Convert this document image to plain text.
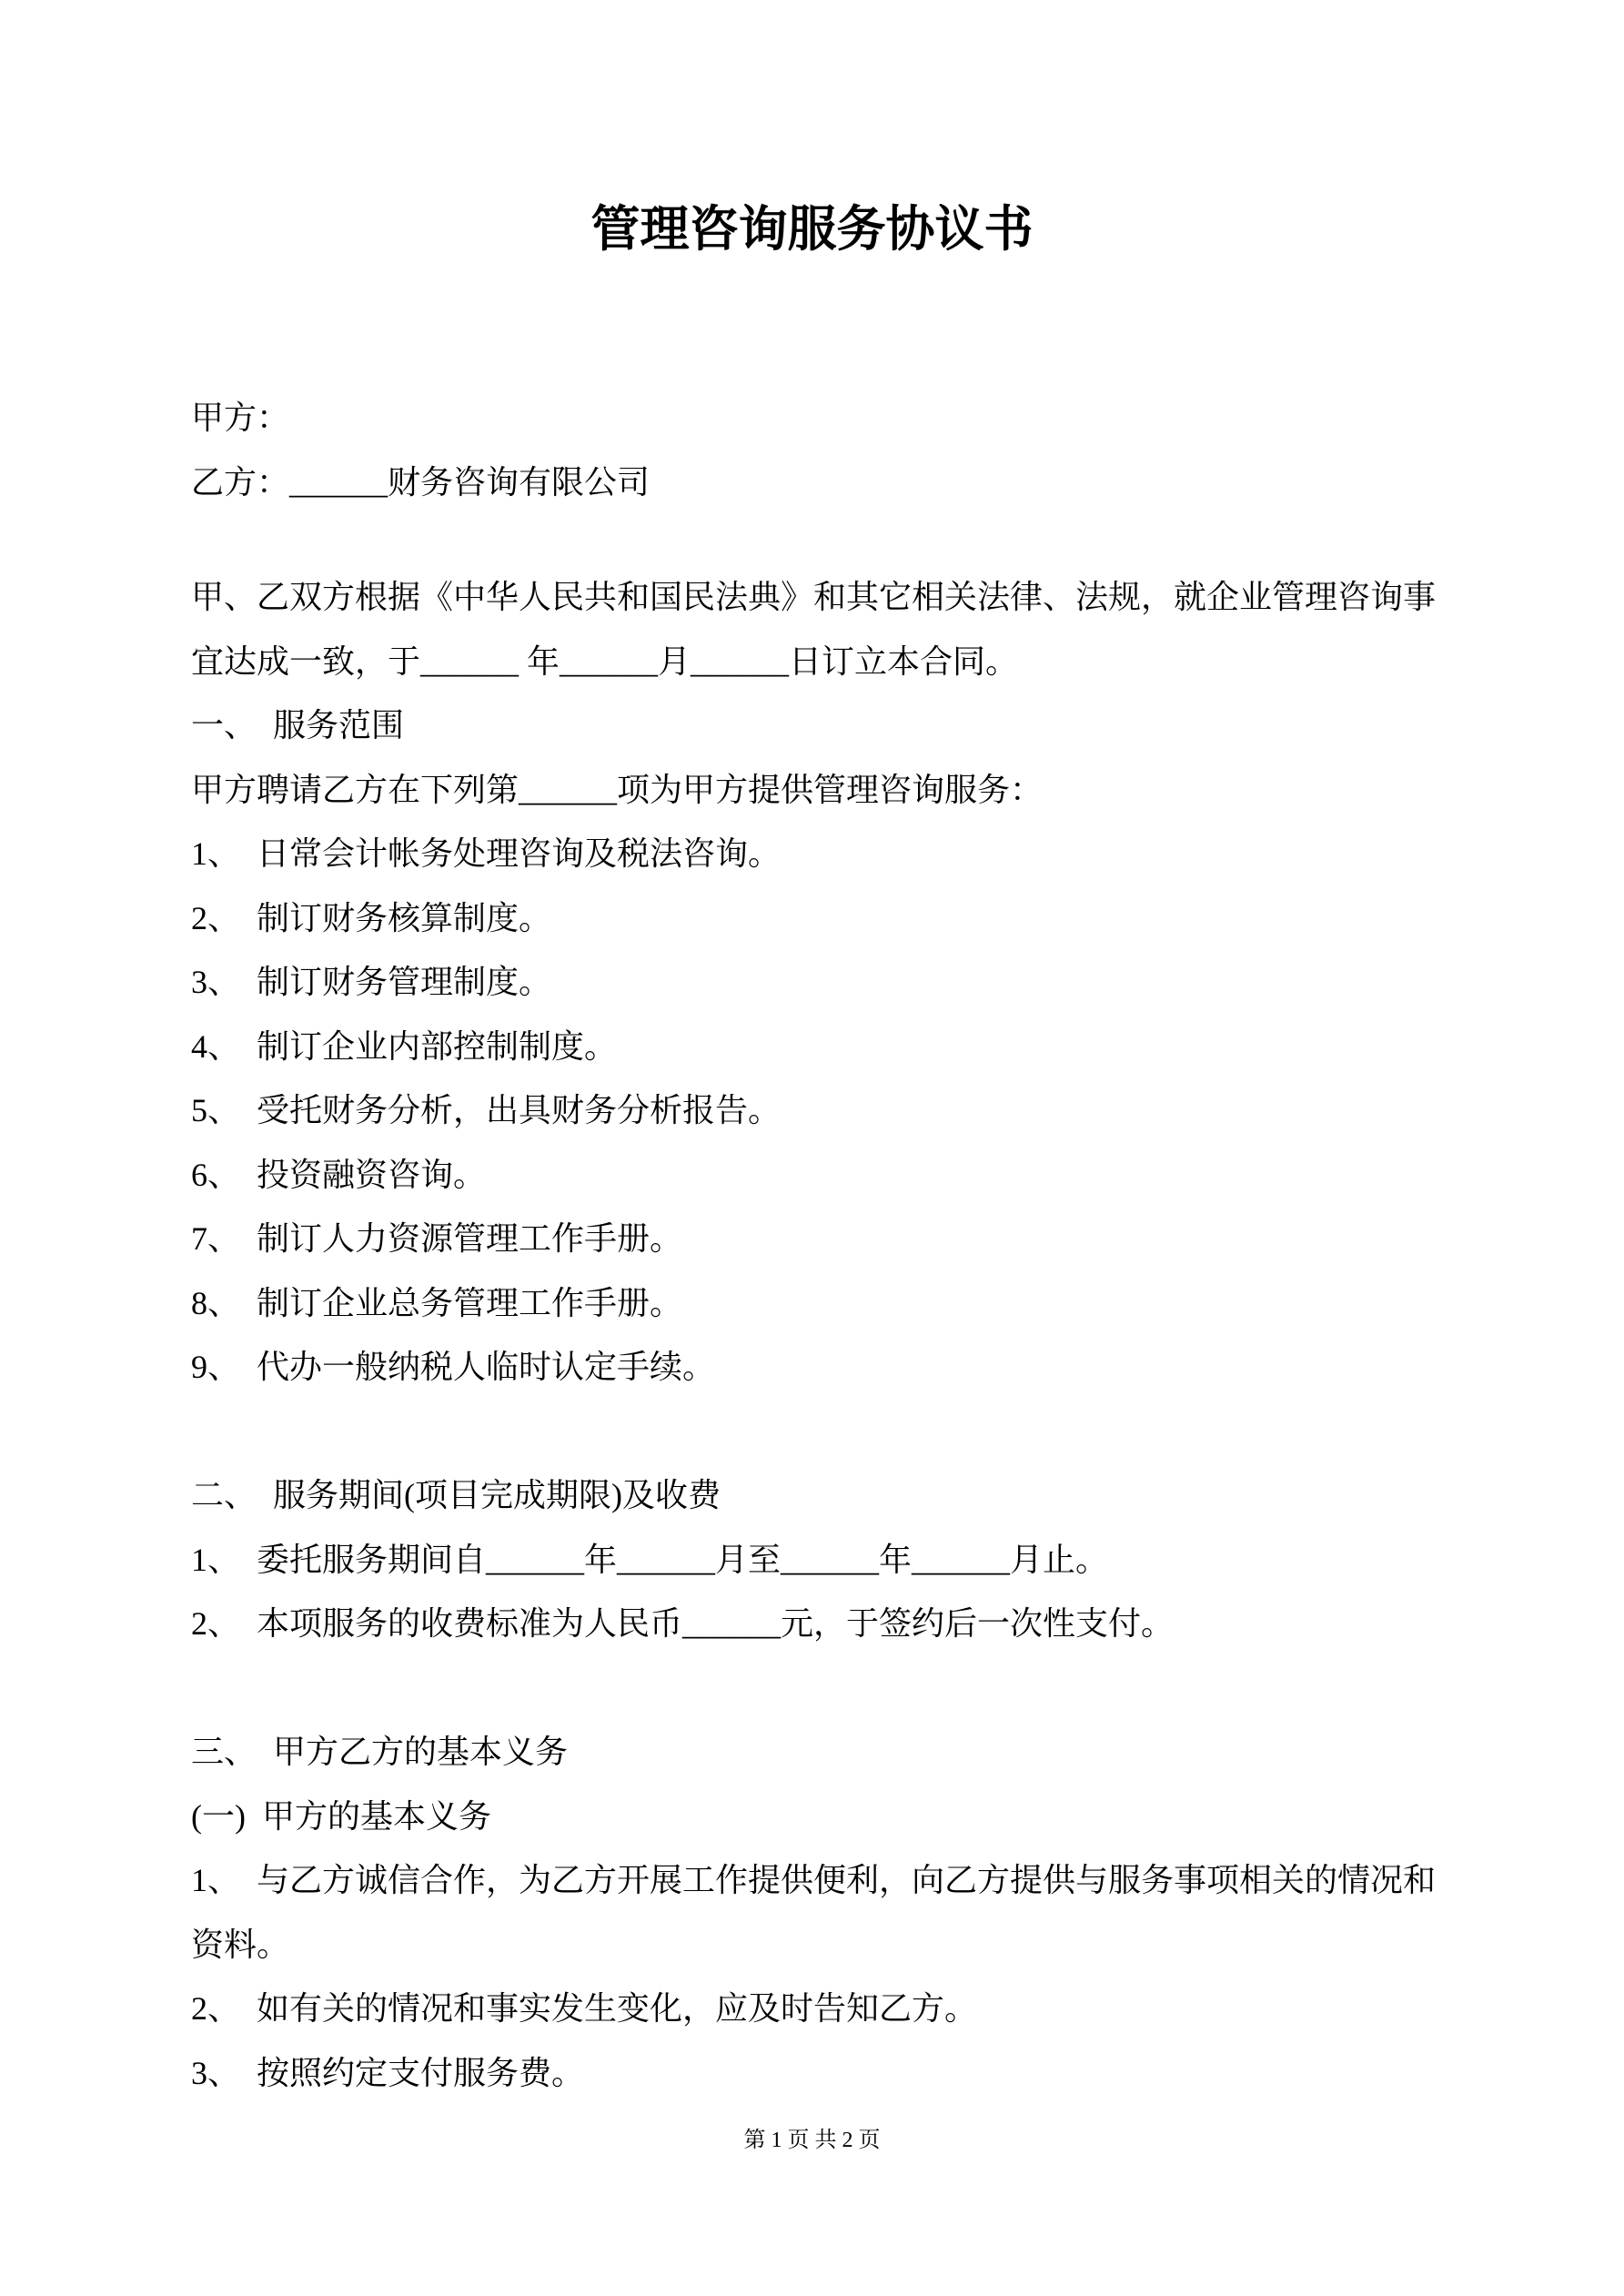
管理咨询服务协议书

甲方：

乙方：______财务咨询有限公司

甲、乙双方根据《中华人民共和国民法典》和其它相关法律、法规，就企业管理咨询事

宜达成一致，于______ 年______月______日订立本合同。

一、  服务范围

甲方聘请乙方在下列第______项为甲方提供管理咨询服务：

1、  日常会计帐务处理咨询及税法咨询。

2、  制订财务核算制度。

3、  制订财务管理制度。

4、  制订企业内部控制制度。

5、  受托财务分析，出具财务分析报告。

6、  投资融资咨询。

7、  制订人力资源管理工作手册。

8、  制订企业总务管理工作手册。

9、  代办一般纳税人临时认定手续。

二、  服务期间(项目完成期限)及收费

1、  委托服务期间自______年______月至______年______月止。

2、  本项服务的收费标准为人民币______元，于签约后一次性支付。

三、  甲方乙方的基本义务

(一)  甲方的基本义务

1、  与乙方诚信合作，为乙方开展工作提供便利，向乙方提供与服务事项相关的情况和

资料。

2、  如有关的情况和事实发生变化，应及时告知乙方。

3、  按照约定支付服务费。

第 1 页 共 2 页
